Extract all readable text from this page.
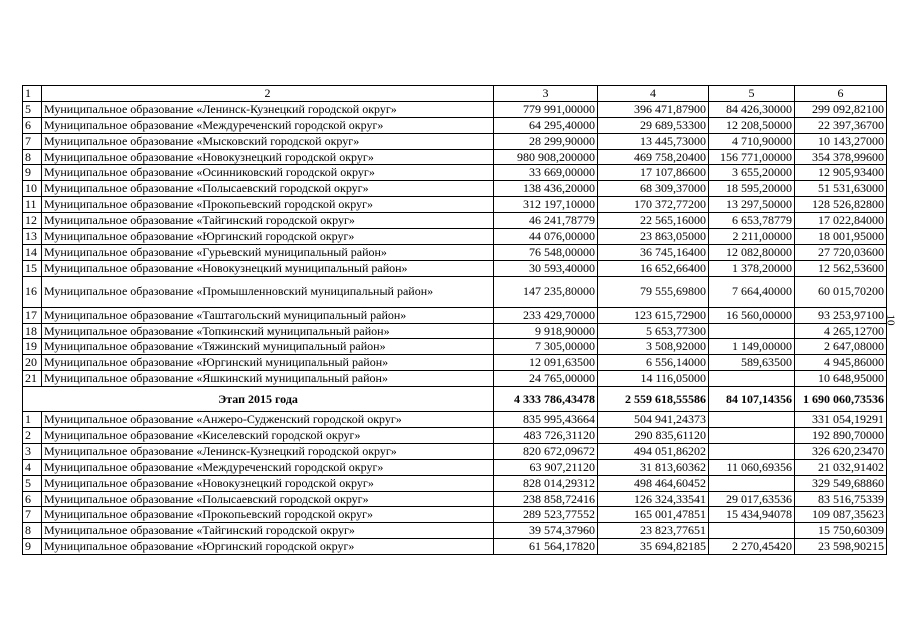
1	2	3	4	5	6
5	Муниципальное образование «Ленинск-Кузнецкий городской округ»	779 991,00000	396 471,87900	84 426,30000	299 092,82100
6	Муниципальное образование «Междуреченский городской округ»	64 295,40000	29 689,53300	12 208,50000	22 397,36700
7	Муниципальное образование «Мысковский городской округ»	28 299,90000	13 445,73000	4 710,90000	10 143,27000
8	Муниципальное образование «Новокузнецкий городской округ»	980 908,200000	469 758,20400	156 771,00000	354 378,99600
9	Муниципальное образование «Осинниковский городской округ»	33 669,00000	17 107,86600	3 655,20000	12 905,93400
10	Муниципальное образование «Полысаевский городской округ»	138 436,20000	68 309,37000	18 595,20000	51 531,63000
11	Муниципальное образование «Прокопьевский городской округ»	312 197,10000	170 372,77200	13 297,50000	128 526,82800
12	Муниципальное образование «Тайгинский городской округ»	46 241,78779	22 565,16000	6 653,78779	17 022,84000
13	Муниципальное образование «Юргинский городской округ»	44 076,00000	23 863,05000	2 211,00000	18 001,95000
14	Муниципальное образование «Гурьевский муниципальный район»	76 548,00000	36 745,16400	12 082,80000	27 720,03600
15	Муниципальное образование «Новокузнецкий муниципальный район»	30 593,40000	16 652,66400	1 378,20000	12 562,53600
16	Муниципальное образование «Промышленновский муниципальный район»	147 235,80000	79 555,69800	7 664,40000	60 015,70200
17	Муниципальное образование «Таштагольский муниципальный район»	233 429,70000	123 615,72900	16 560,00000	93 253,97100
18	Муниципальное образование «Топкинский муниципальный район»	9 918,90000	5 653,77300		4 265,12700
19	Муниципальное образование «Тяжинский муниципальный район»	7 305,00000	3 508,92000	1 149,00000	2 647,08000
20	Муниципальное образование «Юргинский муниципальный район»	12 091,63500	6 556,14000	589,63500	4 945,86000
21	Муниципальное образование «Яшкинский муниципальный район»	24 765,00000	14 116,05000		10 648,95000
Этап 2015 года		4 333 786,43478	2 559 618,55586	84 107,14356	1 690 060,73536
1	Муниципальное образование «Анжеро-Судженский городской округ»	835 995,43664	504 941,24373		331 054,19291
2	Муниципальное образование «Киселевский городской округ»	483 726,31120	290 835,61120		192 890,70000
3	Муниципальное образование «Ленинск-Кузнецкий городской округ»	820 672,09672	494 051,86202		326 620,23470
4	Муниципальное образование «Междуреченский городской округ»	63 907,21120	31 813,60362	11 060,69356	21 032,91402
5	Муниципальное образование «Новокузнецкий городской округ»	828 014,29312	498 464,60452		329 549,68860
6	Муниципальное образование «Полысаевский городской округ»	238 858,72416	126 324,33541	29 017,63536	83 516,75339
7	Муниципальное образование «Прокопьевский городской округ»	289 523,77552	165 001,47851	15 434,94078	109 087,35623
8	Муниципальное образование «Тайгинский городской округ»	39 574,37960	23 823,77651		15 750,60309
9	Муниципальное образование «Юргинский городской округ»	61 564,17820	35 694,82185	2 270,45420	23 598,90215
10
